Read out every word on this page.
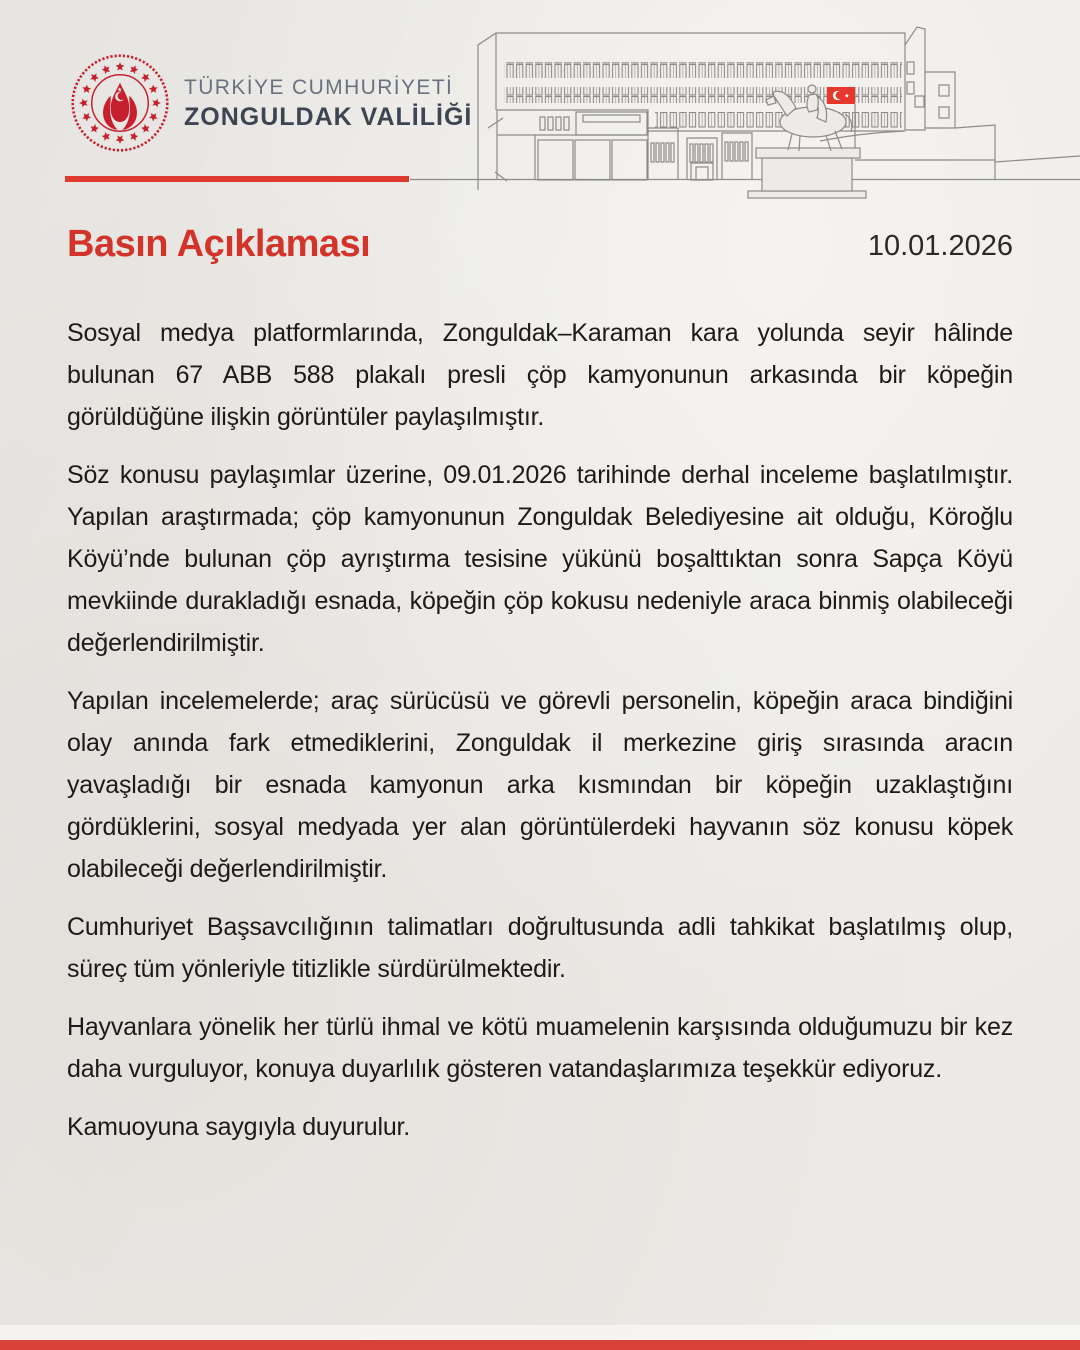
TÜRKİYE CUMHURİYETİ
ZONGULDAK VALİLİĞİ
Basın Açıklaması	10.01.2026

Sosyal medya platformlarında, Zonguldak–Karaman kara yolunda seyir hâlinde bulunan 67 ABB 588 plakalı presli çöp kamyonunun arkasında bir köpeğin görüldüğüne ilişkin görüntüler paylaşılmıştır.

Söz konusu paylaşımlar üzerine, 09.01.2026 tarihinde derhal inceleme başlatılmıştır. Yapılan araştırmada; çöp kamyonunun Zonguldak Belediyesine ait olduğu, Köroğlu Köyü’nde bulunan çöp ayrıştırma tesisine yükünü boşalttıktan sonra Sapça Köyü mevkiinde durakladığı esnada, köpeğin çöp kokusu nedeniyle araca binmiş olabileceği değerlendirilmiştir.

Yapılan incelemelerde; araç sürücüsü ve görevli personelin, köpeğin araca bindiğini olay anında fark etmediklerini, Zonguldak il merkezine giriş sırasında aracın yavaşladığı bir esnada kamyonun arka kısmından bir köpeğin uzaklaştığını gördüklerini, sosyal medyada yer alan görüntülerdeki hayvanın söz konusu köpek olabileceği değerlendirilmiştir.

Cumhuriyet Başsavcılığının talimatları doğrultusunda adli tahkikat başlatılmış olup, süreç tüm yönleriyle titizlikle sürdürülmektedir.

Hayvanlara yönelik her türlü ihmal ve kötü muamelenin karşısında olduğumuzu bir kez daha vurguluyor, konuya duyarlılık gösteren vatandaşlarımıza teşekkür ediyoruz.

Kamuoyuna saygıyla duyurulur.
